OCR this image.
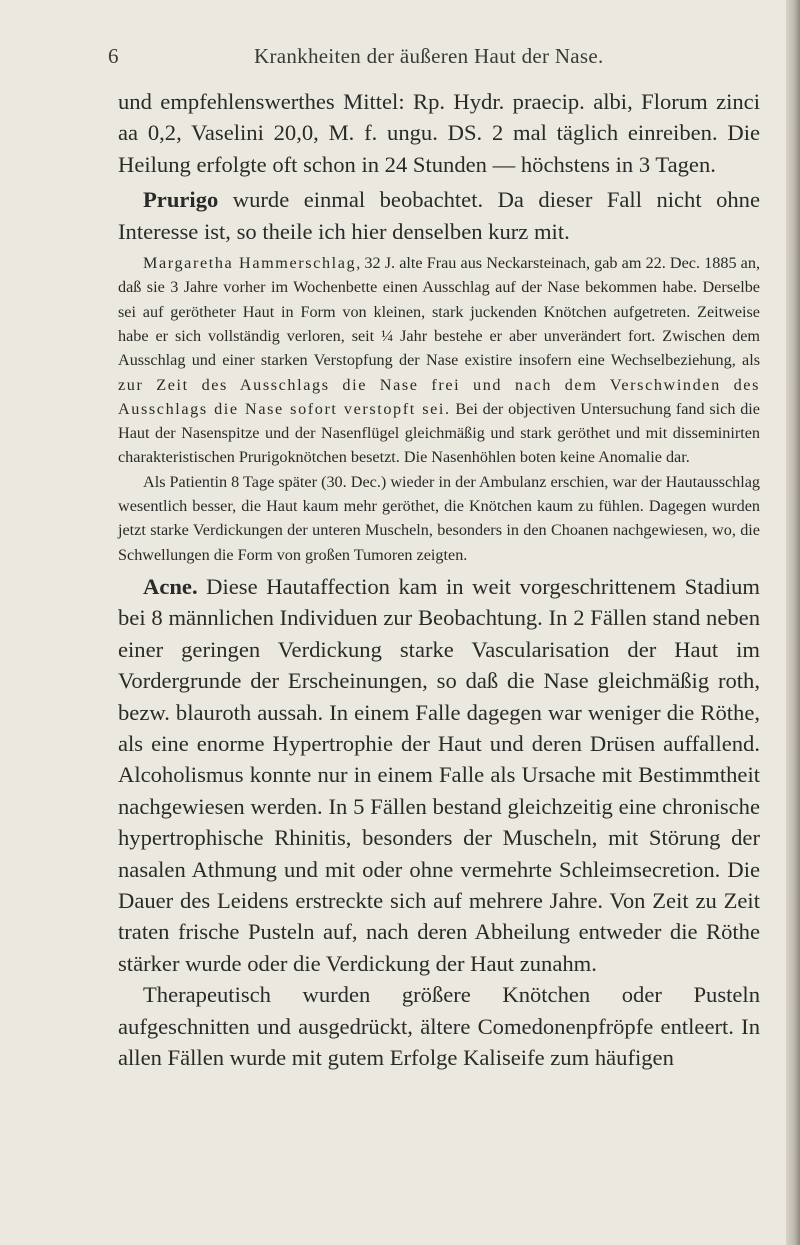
6	Krankheiten der äußeren Haut der Nase.

und empfehlenswerthes Mittel: Rp. Hydr. praecip. albi, Florum zinci aa 0,2, Vaselini 20,0, M. f. ungu. DS. 2 mal täglich einreiben. Die Heilung erfolgte oft schon in 24 Stunden — höchstens in 3 Tagen.

Prurigo wurde einmal beobachtet. Da dieser Fall nicht ohne Interesse ist, so theile ich hier denselben kurz mit.

Margaretha Hammerschlag, 32 J. alte Frau aus Neckarsteinach, gab am 22. Dec. 1885 an, daß sie 3 Jahre vorher im Wochenbette einen Ausschlag auf der Nase bekommen habe. Derselbe sei auf gerötheter Haut in Form von kleinen, stark juckenden Knötchen aufgetreten. Zeitweise habe er sich vollständig verloren, seit ¼ Jahr bestehe er aber unverändert fort. Zwischen dem Ausschlag und einer starken Verstopfung der Nase existire insofern eine Wechselbeziehung, als zur Zeit des Ausschlags die Nase frei und nach dem Verschwinden des Ausschlags die Nase sofort verstopft sei. Bei der objectiven Untersuchung fand sich die Haut der Nasenspitze und der Nasenflügel gleichmäßig und stark geröthet und mit disseminirten charakteristischen Prurigoknötchen besetzt. Die Nasenhöhlen boten keine Anomalie dar.

Als Patientin 8 Tage später (30. Dec.) wieder in der Ambulanz erschien, war der Hautausschlag wesentlich besser, die Haut kaum mehr geröthet, die Knötchen kaum zu fühlen. Dagegen wurden jetzt starke Verdickungen der unteren Muscheln, besonders in den Choanen nachgewiesen, wo, die Schwellungen die Form von großen Tumoren zeigten.

Acne. Diese Hautaffection kam in weit vorgeschrittenem Stadium bei 8 männlichen Individuen zur Beobachtung. In 2 Fällen stand neben einer geringen Verdickung starke Vascularisation der Haut im Vordergrunde der Erscheinungen, so daß die Nase gleichmäßig roth, bezw. blauroth aussah. In einem Falle dagegen war weniger die Röthe, als eine enorme Hypertrophie der Haut und deren Drüsen auffallend. Alcoholismus konnte nur in einem Falle als Ursache mit Bestimmtheit nachgewiesen werden. In 5 Fällen bestand gleichzeitig eine chronische hypertrophische Rhinitis, besonders der Muscheln, mit Störung der nasalen Athmung und mit oder ohne vermehrte Schleimsecretion. Die Dauer des Leidens erstreckte sich auf mehrere Jahre. Von Zeit zu Zeit traten frische Pusteln auf, nach deren Abheilung entweder die Röthe stärker wurde oder die Verdickung der Haut zunahm.

Therapeutisch wurden größere Knötchen oder Pusteln aufgeschnitten und ausgedrückt, ältere Comedonenpfröpfe entleert. In allen Fällen wurde mit gutem Erfolge Kaliseife zum häufigen
